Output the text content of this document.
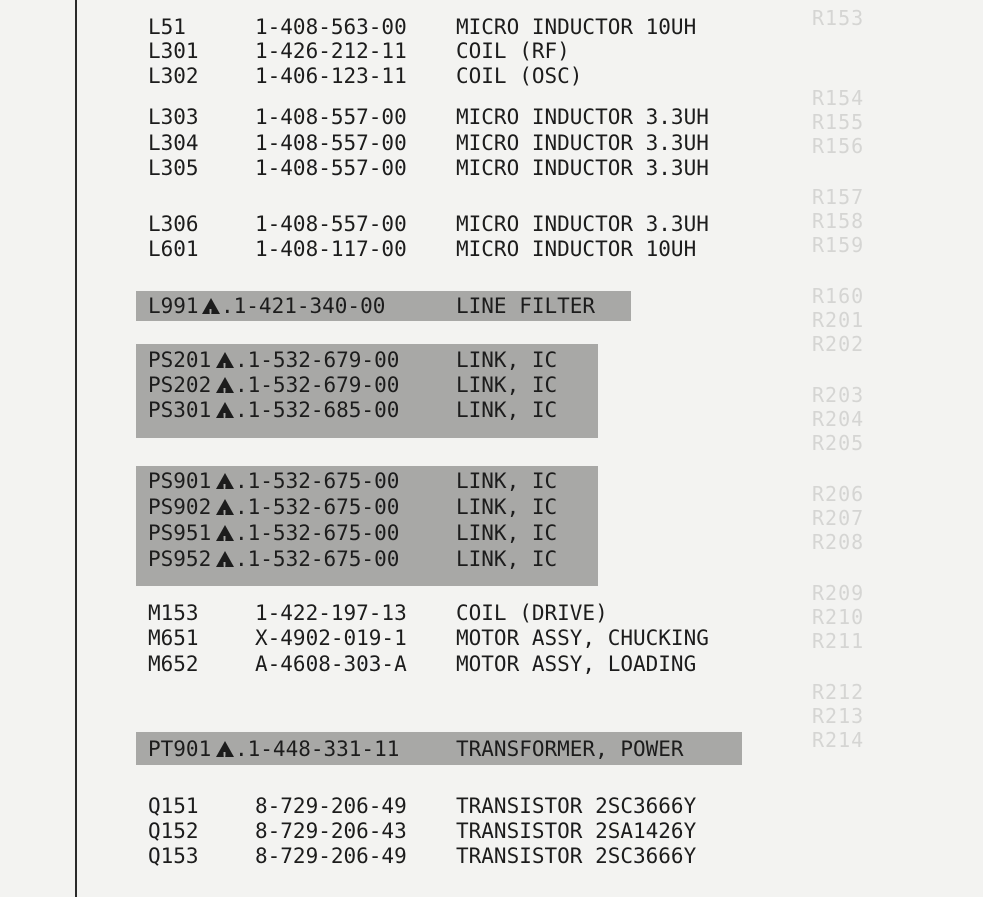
R153
R154
R155
R156
R157
R158
R159
R160
R201
R202
R203
R204
R205
R206
R207
R208
R209
R210
R211
R212
R213
R214
L51	1-408-563-00 MICRO INDUCTOR 10UH
L301	1-426-212-11 COIL (RF)
L302	1-406-123-11 COIL (OSC)
L303	1-408-557-00 MICRO INDUCTOR 3.3UH
L304	1-408-557-00 MICRO INDUCTOR 3.3UH
L305	1-408-557-00 MICRO INDUCTOR 3.3UH
L306	1-408-557-00 MICRO INDUCTOR 3.3UH
L601	1-408-117-00 MICRO INDUCTOR 10UH
L991 !	.1-421-340-00	LINE FILTER
PS201 !	.1-532-679-00	LINK, IC
PS202 !	.1-532-679-00	LINK, IC
PS301 !	.1-532-685-00	LINK, IC
PS901 !	.1-532-675-00	LINK, IC
PS902 !	.1-532-675-00	LINK, IC
PS951 !	.1-532-675-00	LINK, IC
PS952 !	.1-532-675-00	LINK, IC
M153	1-422-197-13 COIL (DRIVE)
M651	X-4902-019-1 MOTOR ASSY, CHUCKING
M652	A-4608-303-A MOTOR ASSY, LOADING
PT901 !	.1-448-331-11	TRANSFORMER, POWER
Q151	8-729-206-49 TRANSISTOR 2SC3666Y
Q152	8-729-206-43 TRANSISTOR 2SA1426Y
Q153	8-729-206-49 TRANSISTOR 2SC3666Y
